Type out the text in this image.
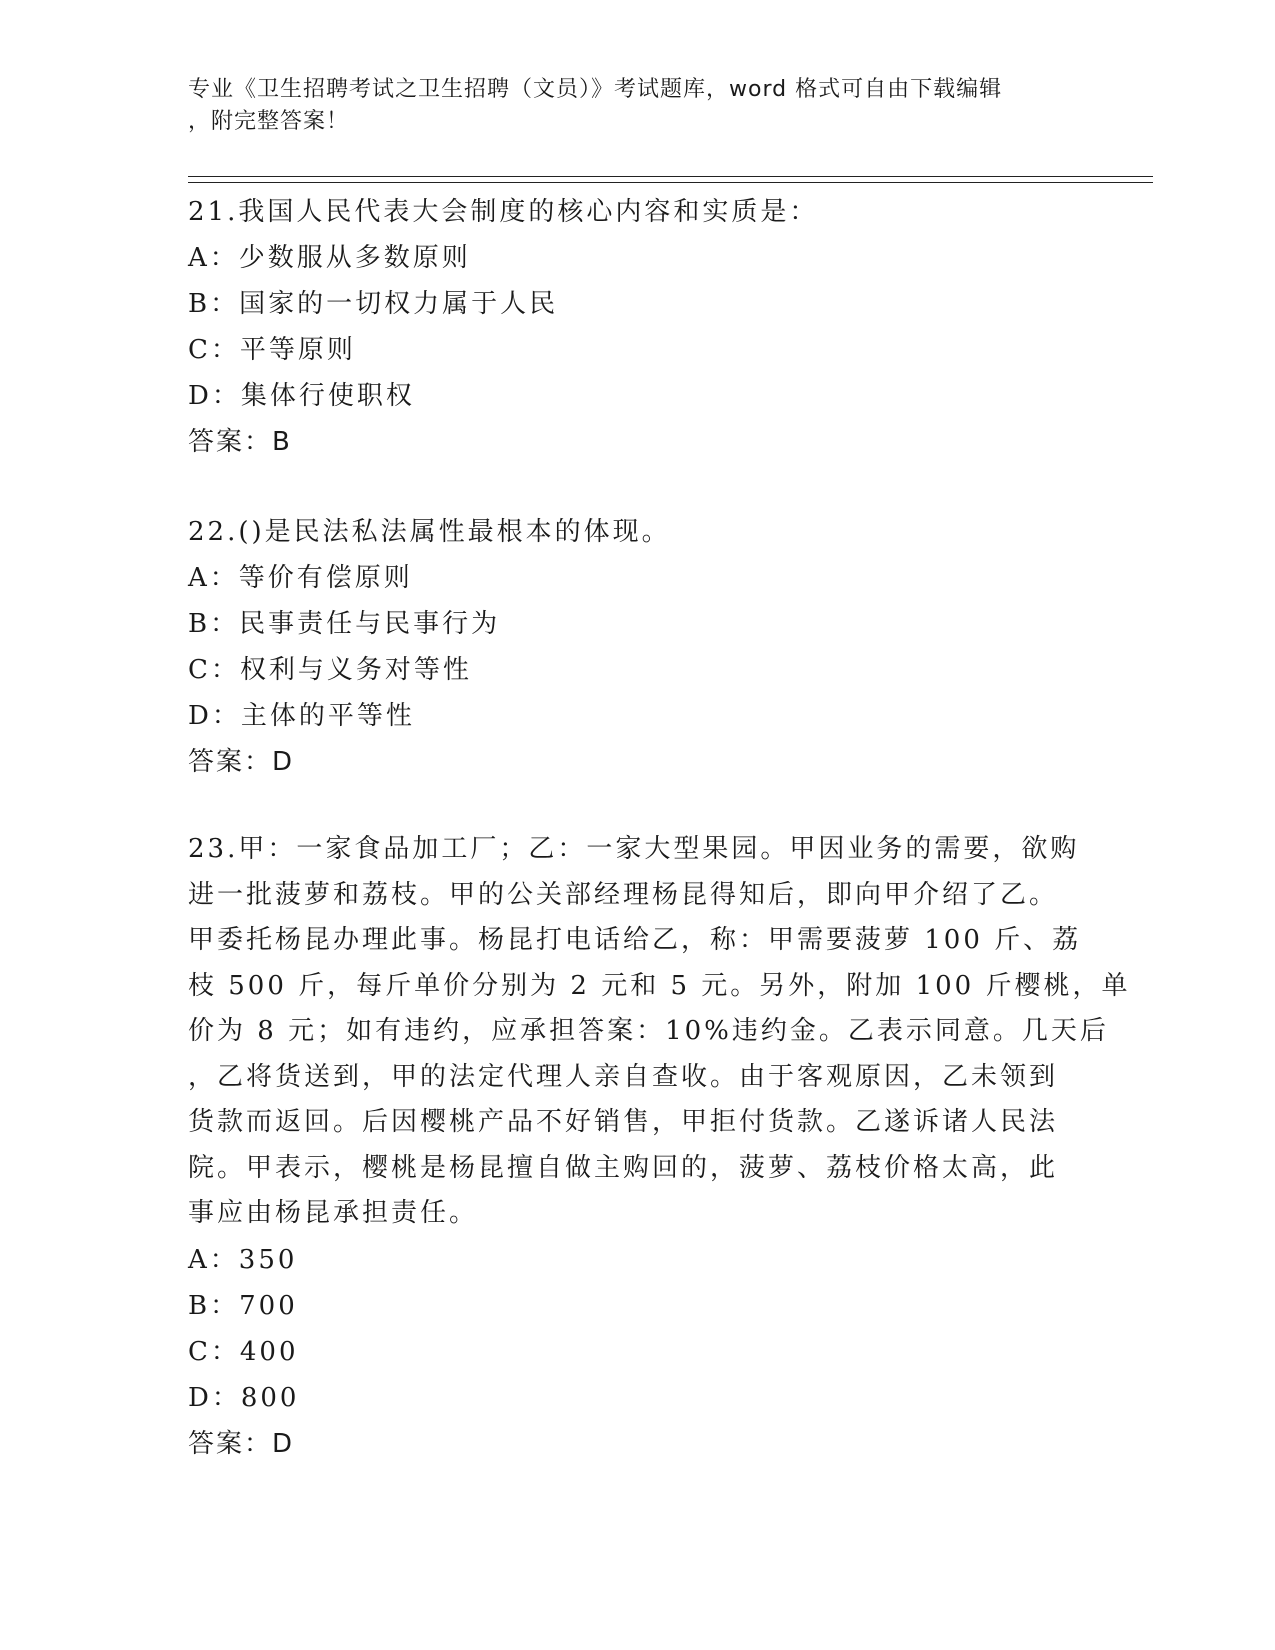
专业《卫生招聘考试之卫生招聘（文员）》考试题库，word 格式可自由下载编辑
，附完整答案！
21.我国人民代表大会制度的核心内容和实质是：
A：少数服从多数原则
B：国家的一切权力属于人民
C：平等原则
D：集体行使职权
答案：B
22.()是民法私法属性最根本的体现。
A：等价有偿原则
B：民事责任与民事行为
C：权利与义务对等性
D：主体的平等性
答案：D
23.甲：一家食品加工厂；乙：一家大型果园。甲因业务的需要，欲购
进一批菠萝和荔枝。甲的公关部经理杨昆得知后，即向甲介绍了乙。
甲委托杨昆办理此事。杨昆打电话给乙，称：甲需要菠萝 100 斤、荔
枝 500 斤，每斤单价分别为 2 元和 5 元。另外，附加 100 斤樱桃，单
价为 8 元；如有违约，应承担答案：10%违约金。乙表示同意。几天后
，乙将货送到，甲的法定代理人亲自查收。由于客观原因，乙未领到
货款而返回。后因樱桃产品不好销售，甲拒付货款。乙遂诉诸人民法
院。甲表示，樱桃是杨昆擅自做主购回的，菠萝、荔枝价格太高，此
事应由杨昆承担责任。
A：350
B：700
C：400
D：800
答案：D
